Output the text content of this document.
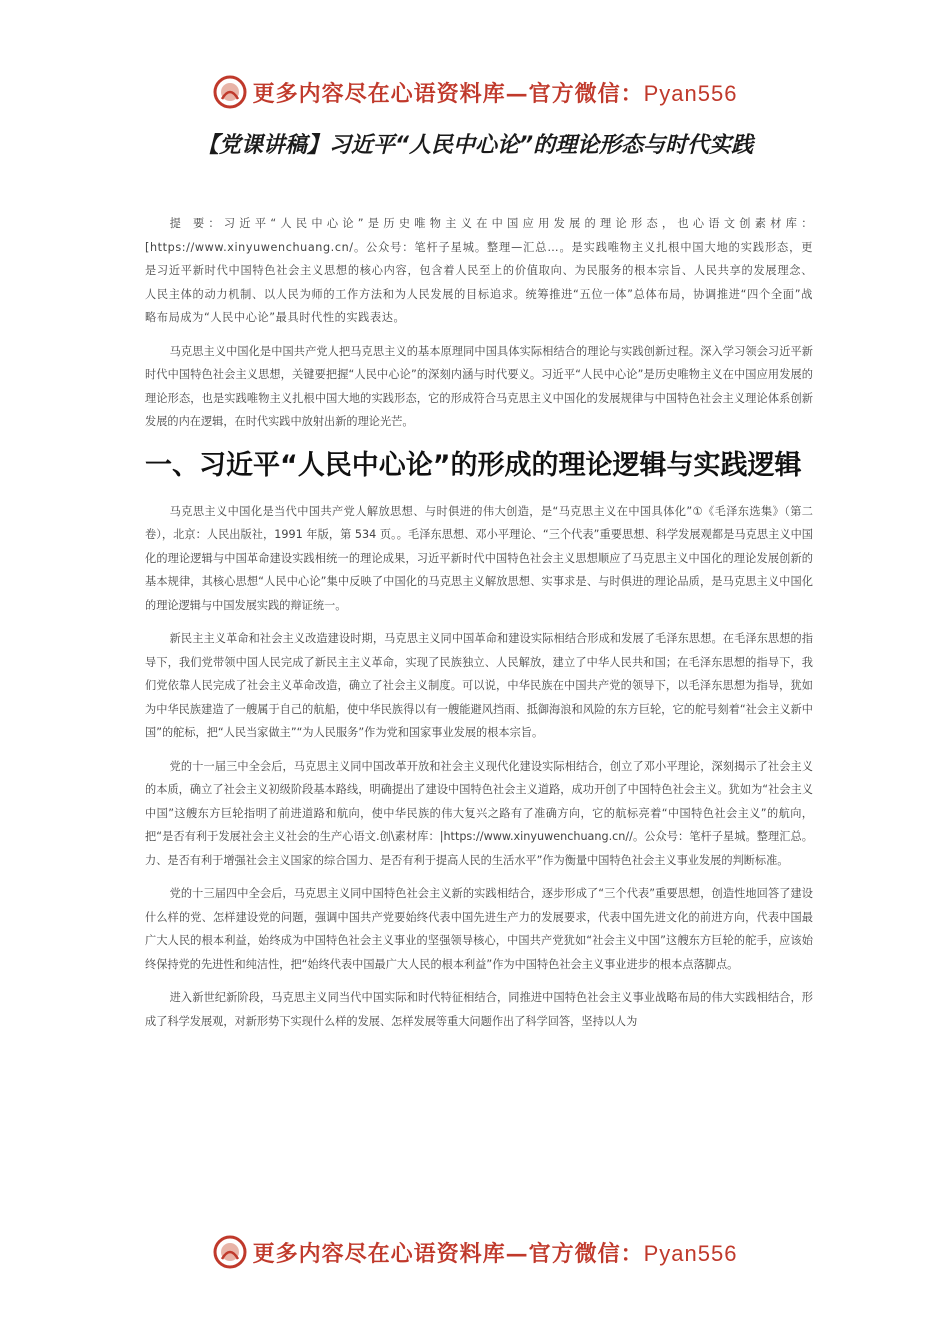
更多内容尽在心语资料库—官方微信：Pyan556
【党课讲稿】习近平“人民中心论”的理论形态与时代实践

提 要：习近平“人民中心论”是历史唯物主义在中国应用发展的理论形态，也心语文创素材库：[https://www.xinyuwenchuang.cn/。公众号：笔杆子星城。整理—汇总…。是实践唯物主义扎根中国大地的实践形态，更是习近平新时代中国特色社会主义思想的核心内容，包含着人民至上的价值取向、为民服务的根本宗旨、人民共享的发展理念、人民主体的动力机制、以人民为师的工作方法和为人民发展的目标追求。统筹推进“五位一体”总体布局，协调推进“四个全面”战略布局成为“人民中心论”最具时代性的实践表达。

马克思主义中国化是中国共产党人把马克思主义的基本原理同中国具体实际相结合的理论与实践创新过程。深入学习领会习近平新时代中国特色社会主义思想，关键要把握“人民中心论”的深刻内涵与时代要义。习近平“人民中心论”是历史唯物主义在中国应用发展的理论形态，也是实践唯物主义扎根中国大地的实践形态，它的形成符合马克思主义中国化的发展规律与中国特色社会主义理论体系创新发展的内在逻辑，在时代实践中放射出新的理论光芒。

一、习近平“人民中心论”的形成的理论逻辑与实践逻辑

马克思主义中国化是当代中国共产党人解放思想、与时俱进的伟大创造，是“马克思主义在中国具体化”①《毛泽东选集》（第二卷），北京：人民出版社，1991 年版，第 534 页。。毛泽东思想、邓小平理论、“三个代表”重要思想、科学发展观都是马克思主义中国化的理论逻辑与中国革命建设实践相统一的理论成果，习近平新时代中国特色社会主义思想顺应了马克思主义中国化的理论发展创新的基本规律，其核心思想“人民中心论”集中反映了中国化的马克思主义解放思想、实事求是、与时俱进的理论品质，是马克思主义中国化的理论逻辑与中国发展实践的辩证统一。

新民主主义革命和社会主义改造建设时期，马克思主义同中国革命和建设实际相结合形成和发展了毛泽东思想。在毛泽东思想的指导下，我们党带领中国人民完成了新民主主义革命，实现了民族独立、人民解放，建立了中华人民共和国；在毛泽东思想的指导下，我们党依靠人民完成了社会主义革命改造，确立了社会主义制度。可以说，中华民族在中国共产党的领导下，以毛泽东思想为指导，犹如为中华民族建造了一艘属于自己的航船，使中华民族得以有一艘能避风挡雨、抵御海浪和风险的东方巨轮，它的舵号刻着“社会主义新中国”的舵标，把“人民当家做主”“为人民服务”作为党和国家事业发展的根本宗旨。

党的十一届三中全会后，马克思主义同中国改革开放和社会主义现代化建设实际相结合，创立了邓小平理论，深刻揭示了社会主义的本质，确立了社会主义初级阶段基本路线，明确提出了建设中国特色社会主义道路，成功开创了中国特色社会主义。犹如为“社会主义中国”这艘东方巨轮指明了前进道路和航向，使中华民族的伟大复兴之路有了准确方向，它的航标亮着“中国特色社会主义”的航向，把“是否有利于发展社会主义社会的生产心语文.创\素材库：|https://www.xinyuwenchuang.cn//。公众号：笔杆子星城。整理汇总。力、是否有利于增强社会主义国家的综合国力、是否有利于提高人民的生活水平”作为衡量中国特色社会主义事业发展的判断标准。

党的十三届四中全会后，马克思主义同中国特色社会主义新的实践相结合，逐步形成了“三个代表”重要思想，创造性地回答了建设什么样的党、怎样建设党的问题，强调中国共产党要始终代表中国先进生产力的发展要求，代表中国先进文化的前进方向，代表中国最广大人民的根本利益，始终成为中国特色社会主义事业的坚强领导核心，中国共产党犹如“社会主义中国”这艘东方巨轮的舵手，应该始终保持党的先进性和纯洁性，把“始终代表中国最广大人民的根本利益”作为中国特色社会主义事业进步的根本点落脚点。

进入新世纪新阶段，马克思主义同当代中国实际和时代特征相结合，同推进中国特色社会主义事业战略布局的伟大实践相结合，形成了科学发展观，对新形势下实现什么样的发展、怎样发展等重大问题作出了科学回答，坚持以人为

更多内容尽在心语资料库—官方微信：Pyan556
